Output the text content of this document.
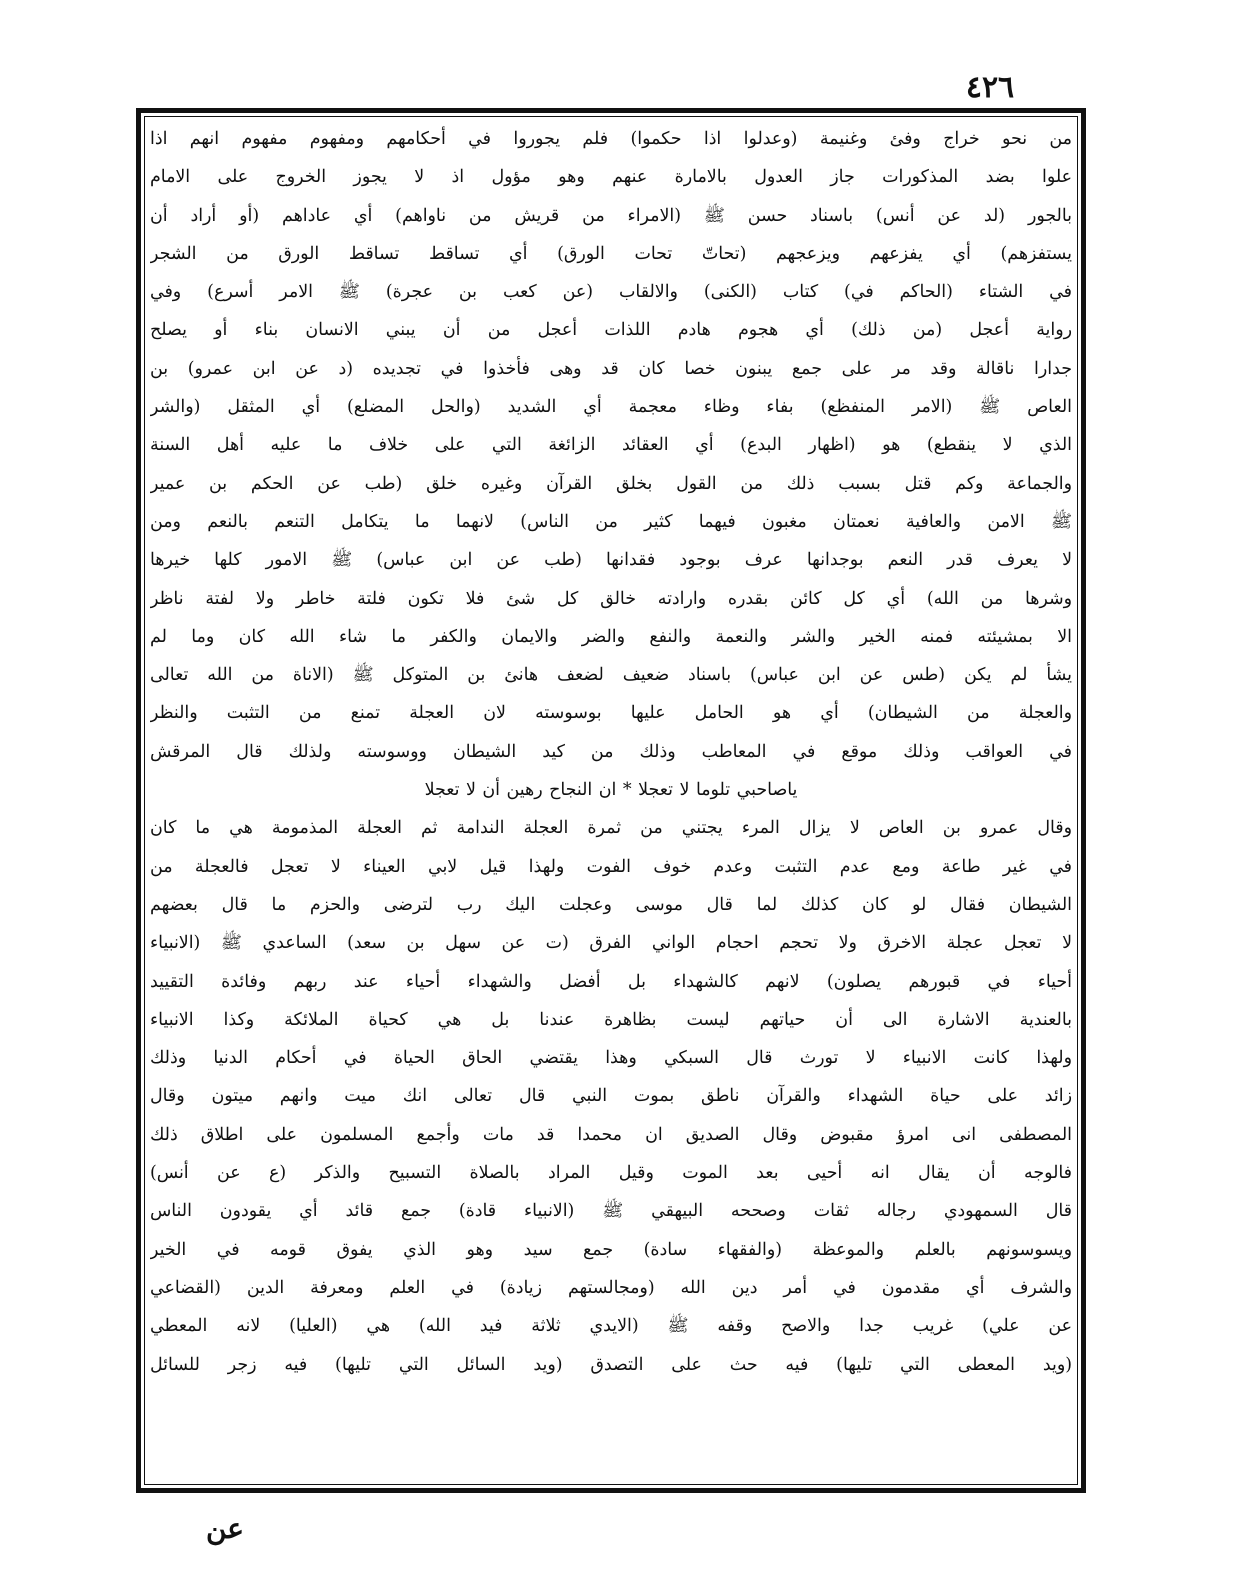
٤٢٦
من نحو خراج وفئ وغنيمة (وعدلوا اذا حكموا) فلم يجوروا في أحكامهم ومفهوم مفهوم انهم اذا
علوا بضد المذكورات جاز العدول بالامارة عنهم وهو مؤول اذ لا يجوز الخروج على الامام
بالجور (لد عن أنس) باسناد حسن ﷺ (الامراء من قريش من ناواهم) أي عاداهم (أو أراد أن
يستفزهم) أي يفزعهم ويزعجهم (تحاتّ تحات الورق) أي تساقط تساقط الورق من الشجر
في الشتاء (الحاكم في) كتاب (الكنى) والالقاب (عن كعب بن عجرة) ﷺ الامر أسرع) وفي
رواية أعجل (من ذلك) أي هجوم هادم اللذات أعجل من أن يبني الانسان بناء أو يصلح
جدارا ناقالة وقد مر على جمع يبنون خصا كان قد وهى فأخذوا في تجديده (د عن ابن عمرو) بن
العاص ﷺ (الامر المنفظع) بفاء وظاء معجمة أي الشديد (والحل المضلع) أي المثقل (والشر
الذي لا ينقطع) هو (اظهار البدع) أي العقائد الزائغة التي على خلاف ما عليه أهل السنة
والجماعة وكم قتل بسبب ذلك من القول بخلق القرآن وغيره خلق (طب عن الحكم بن عمير
ﷺ الامن والعافية نعمتان مغبون فيهما كثير من الناس) لانهما ما يتكامل التنعم بالنعم ومن
لا يعرف قدر النعم بوجدانها عرف بوجود فقدانها (طب عن ابن عباس) ﷺ الامور كلها خيرها
وشرها من الله) أي كل كائن بقدره وارادته خالق كل شئ فلا تكون فلتة خاطر ولا لفتة ناظر
الا بمشيئته فمنه الخير والشر والنعمة والنفع والضر والايمان والكفر ما شاء الله كان وما لم
يشأ لم يكن (طس عن ابن عباس) باسناد ضعيف لضعف هانئ بن المتوكل ﷺ (الاناة من الله تعالى
والعجلة من الشيطان) أي هو الحامل عليها بوسوسته لان العجلة تمنع من التثبت والنظر
في العواقب وذلك موقع في المعاطب وذلك من كيد الشيطان ووسوسته ولذلك قال المرقش
ياصاحبي تلوما لا تعجلا * ان النجاح رهين أن لا تعجلا
وقال عمرو بن العاص لا يزال المرء يجتني من ثمرة العجلة الندامة ثم العجلة المذمومة هي ما كان
في غير طاعة ومع عدم التثبت وعدم خوف الفوت ولهذا قيل لابي العيناء لا تعجل فالعجلة من
الشيطان فقال لو كان كذلك لما قال موسى وعجلت اليك رب لترضى والحزم ما قال بعضهم
لا تعجل عجلة الاخرق ولا تحجم احجام الواني الفرق (ت عن سهل بن سعد) الساعدي ﷺ (الانبياء
أحياء في قبورهم يصلون) لانهم كالشهداء بل أفضل والشهداء أحياء عند ربهم وفائدة التقييد
بالعندية الاشارة الى أن حياتهم ليست بظاهرة عندنا بل هي كحياة الملائكة وكذا الانبياء
ولهذا كانت الانبياء لا تورث قال السبكي وهذا يقتضي الحاق الحياة في أحكام الدنيا وذلك
زائد على حياة الشهداء والقرآن ناطق بموت النبي قال تعالى انك ميت وانهم ميتون وقال
المصطفى انى امرؤ مقبوض وقال الصديق ان محمدا قد مات وأجمع المسلمون على اطلاق ذلك
فالوجه أن يقال انه أحيى بعد الموت وقيل المراد بالصلاة التسبيح والذكر (ع عن أنس)
قال السمهودي رجاله ثقات وصححه البيهقي ﷺ (الانبياء قادة) جمع قائد أي يقودون الناس
ويسوسونهم بالعلم والموعظة (والفقهاء سادة) جمع سيد وهو الذي يفوق قومه في الخير
والشرف أي مقدمون في أمر دين الله (ومجالستهم زيادة) في العلم ومعرفة الدين (القضاعي
عن علي) غريب جدا والاصح وقفه ﷺ (الايدي ثلاثة فيد الله) هي (العليا) لانه المعطي
(ويد المعطى التي تليها) فيه حث على التصدق (ويد السائل التي تليها) فيه زجر للسائل
عن
